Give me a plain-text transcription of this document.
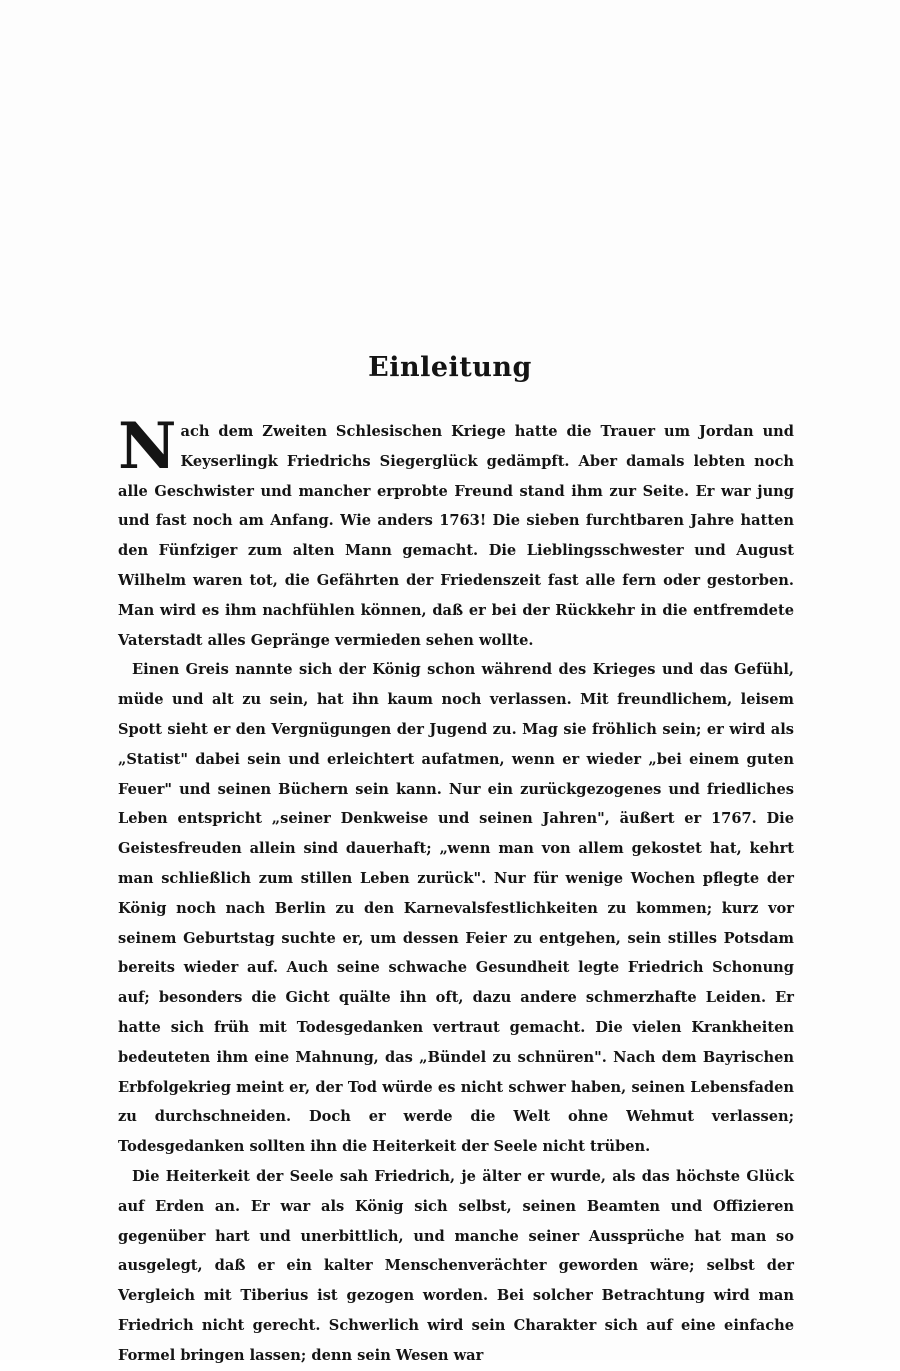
Einleitung

Nach dem Zweiten Schlesischen Kriege hatte die Trauer um Jordan und Keyserlingk Friedrichs Siegerglück gedämpft. Aber damals lebten noch alle Geschwister und mancher erprobte Freund stand ihm zur Seite. Er war jung und fast noch am Anfang. Wie anders 1763! Die sieben furchtbaren Jahre hatten den Fünfziger zum alten Mann gemacht. Die Lieblingsschwester und August Wilhelm waren tot, die Gefährten der Friedenszeit fast alle fern oder gestorben. Man wird es ihm nachfühlen können, daß er bei der Rückkehr in die entfremdete Vaterstadt alles Gepränge vermieden sehen wollte.

Einen Greis nannte sich der König schon während des Krieges und das Gefühl, müde und alt zu sein, hat ihn kaum noch verlassen. Mit freundlichem, leisem Spott sieht er den Vergnügungen der Jugend zu. Mag sie fröhlich sein; er wird als „Statist" dabei sein und erleichtert aufatmen, wenn er wieder „bei einem guten Feuer" und seinen Büchern sein kann. Nur ein zurückgezogenes und friedliches Leben entspricht „seiner Denkweise und seinen Jahren", äußert er 1767. Die Geistesfreuden allein sind dauerhaft; „wenn man von allem gekostet hat, kehrt man schließlich zum stillen Leben zurück". Nur für wenige Wochen pflegte der König noch nach Berlin zu den Karnevalsfestlichkeiten zu kommen; kurz vor seinem Geburtstag suchte er, um dessen Feier zu entgehen, sein stilles Potsdam bereits wieder auf. Auch seine schwache Gesundheit legte Friedrich Schonung auf; besonders die Gicht quälte ihn oft, dazu andere schmerzhafte Leiden. Er hatte sich früh mit Todesgedanken vertraut gemacht. Die vielen Krankheiten bedeuteten ihm eine Mahnung, das „Bündel zu schnüren". Nach dem Bayrischen Erbfolgekrieg meint er, der Tod würde es nicht schwer haben, seinen Lebensfaden zu durchschneiden. Doch er werde die Welt ohne Wehmut verlassen; Todesgedanken sollten ihn die Heiterkeit der Seele nicht trüben.

Die Heiterkeit der Seele sah Friedrich, je älter er wurde, als das höchste Glück auf Erden an. Er war als König sich selbst, seinen Beamten und Offizieren gegenüber hart und unerbittlich, und manche seiner Aussprüche hat man so ausgelegt, daß er ein kalter Menschenverächter geworden wäre; selbst der Vergleich mit Tiberius ist gezogen worden. Bei solcher Betrachtung wird man Friedrich nicht gerecht. Schwerlich wird sein Charakter sich auf eine einfache Formel bringen lassen; denn sein Wesen war
